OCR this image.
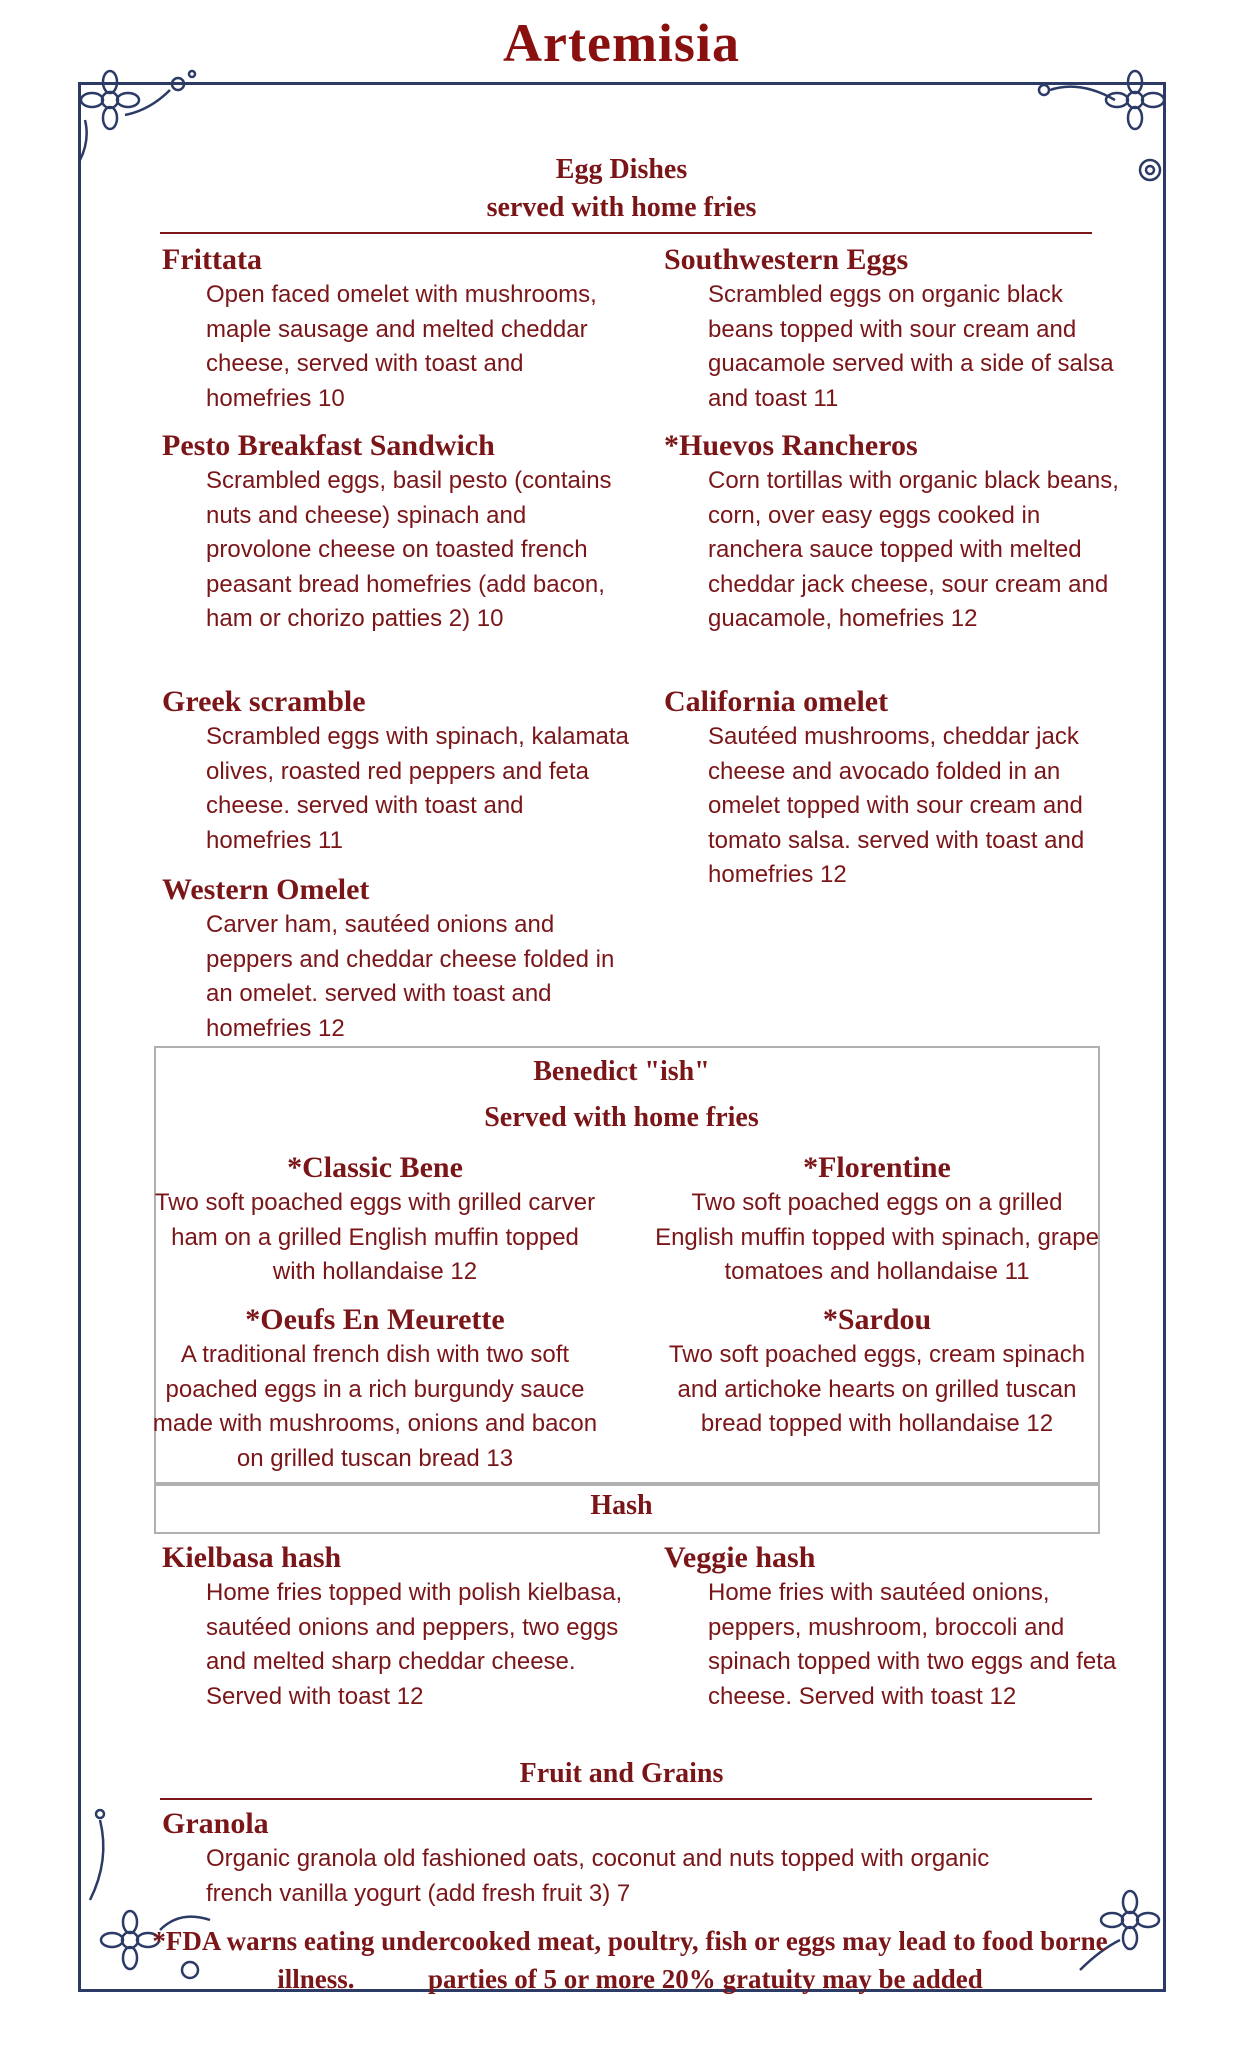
Artemisia
Egg Dishes
served with home fries
Frittata
Open faced omelet with mushrooms, maple sausage and melted cheddar cheese, served with toast and homefries 10
Pesto Breakfast Sandwich
Scrambled eggs, basil pesto (contains nuts and cheese) spinach and provolone cheese on toasted french peasant bread homefries (add bacon, ham or chorizo patties 2) 10
Greek scramble
Scrambled eggs with spinach, kalamata olives, roasted red peppers and feta cheese. served with toast and homefries 11
Western Omelet
Carver ham, sautéed onions and peppers and cheddar cheese folded in an omelet. served with toast and homefries 12
Southwestern Eggs
Scrambled eggs on organic black beans topped with sour cream and guacamole served with a side of salsa and toast 11
*Huevos Rancheros
Corn tortillas with organic black beans, corn, over easy eggs cooked in ranchera sauce topped with melted cheddar jack cheese, sour cream and guacamole, homefries 12
California omelet
Sautéed mushrooms, cheddar jack cheese and avocado folded in an omelet topped with sour cream and tomato salsa. served with toast and homefries 12
Benedict "ish"
Served with home fries
*Classic Bene
Two soft poached eggs with grilled carver ham on a grilled English muffin topped with hollandaise 12
*Florentine
Two soft poached eggs on a grilled English muffin topped with spinach, grape tomatoes and hollandaise 11
*Oeufs En Meurette
A traditional french dish with two soft poached eggs in a rich burgundy sauce made with mushrooms, onions and bacon on grilled tuscan bread 13
*Sardou
Two soft poached eggs, cream spinach and artichoke hearts on grilled tuscan bread topped with hollandaise 12
Hash
Kielbasa hash
Home fries topped with polish kielbasa, sautéed onions and peppers, two eggs and melted sharp cheddar cheese. Served with toast 12
Veggie hash
Home fries with sautéed onions, peppers, mushroom, broccoli and spinach topped with two eggs and feta cheese. Served with toast 12
Fruit and Grains
Granola
Organic granola old fashioned oats, coconut and nuts topped with organic french vanilla yogurt (add fresh fruit 3) 7
*FDA warns eating undercooked meat, poultry, fish or eggs may lead to food borne
illness.	parties of 5 or more 20% gratuity may be added
